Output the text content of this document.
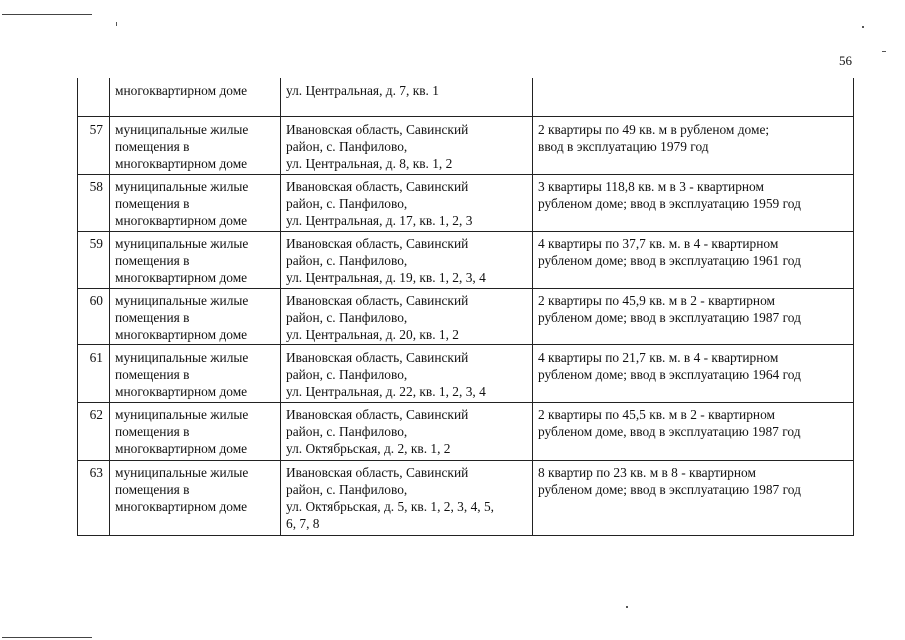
56
многоквартирном доме	ул. Центральная, д. 7, кв. 1
57 муниципальные жилые
помещения в
многоквартирном доме
Ивановская область, Савинский
район, с. Панфилово,
ул. Центральная, д. 8, кв. 1, 2
2 квартиры по 49 кв. м в рубленом доме;
ввод в эксплуатацию 1979 год
58 муниципальные жилые
помещения в
многоквартирном доме
Ивановская область, Савинский
район, с. Панфилово,
ул. Центральная, д. 17, кв. 1, 2, 3
3 квартиры 118,8 кв. м в 3 - квартирном
рубленом доме; ввод в эксплуатацию 1959 год
59 муниципальные жилые
помещения в
многоквартирном доме
Ивановская область, Савинский
район, с. Панфилово,
ул. Центральная, д. 19, кв. 1, 2, 3, 4
4 квартиры по 37,7 кв. м. в 4 - квартирном
рубленом доме; ввод в эксплуатацию 1961 год
60 муниципальные жилые
помещения в
многоквартирном доме
Ивановская область, Савинский
район, с. Панфилово,
ул. Центральная, д. 20, кв. 1, 2
2 квартиры по 45,9 кв. м в 2 - квартирном
рубленом доме; ввод в эксплуатацию 1987 год
61 муниципальные жилые
помещения в
многоквартирном доме
Ивановская область, Савинский
район, с. Панфилово,
ул. Центральная, д. 22, кв. 1, 2, 3, 4
4 квартиры по 21,7 кв. м. в 4 - квартирном
рубленом доме; ввод в эксплуатацию 1964 год
62 муниципальные жилые
помещения в
многоквартирном доме
Ивановская область, Савинский
район, с. Панфилово,
ул. Октябрьская, д. 2, кв. 1, 2
2 квартиры по 45,5 кв. м в 2 - квартирном
рубленом доме, ввод в эксплуатацию 1987 год
63 муниципальные жилые
помещения в
многоквартирном доме
Ивановская область, Савинский
район, с. Панфилово,
ул. Октябрьская, д. 5, кв. 1, 2, 3, 4, 5,
6, 7, 8
8 квартир по 23 кв. м в 8 - квартирном
рубленом доме; ввод в эксплуатацию 1987 год
